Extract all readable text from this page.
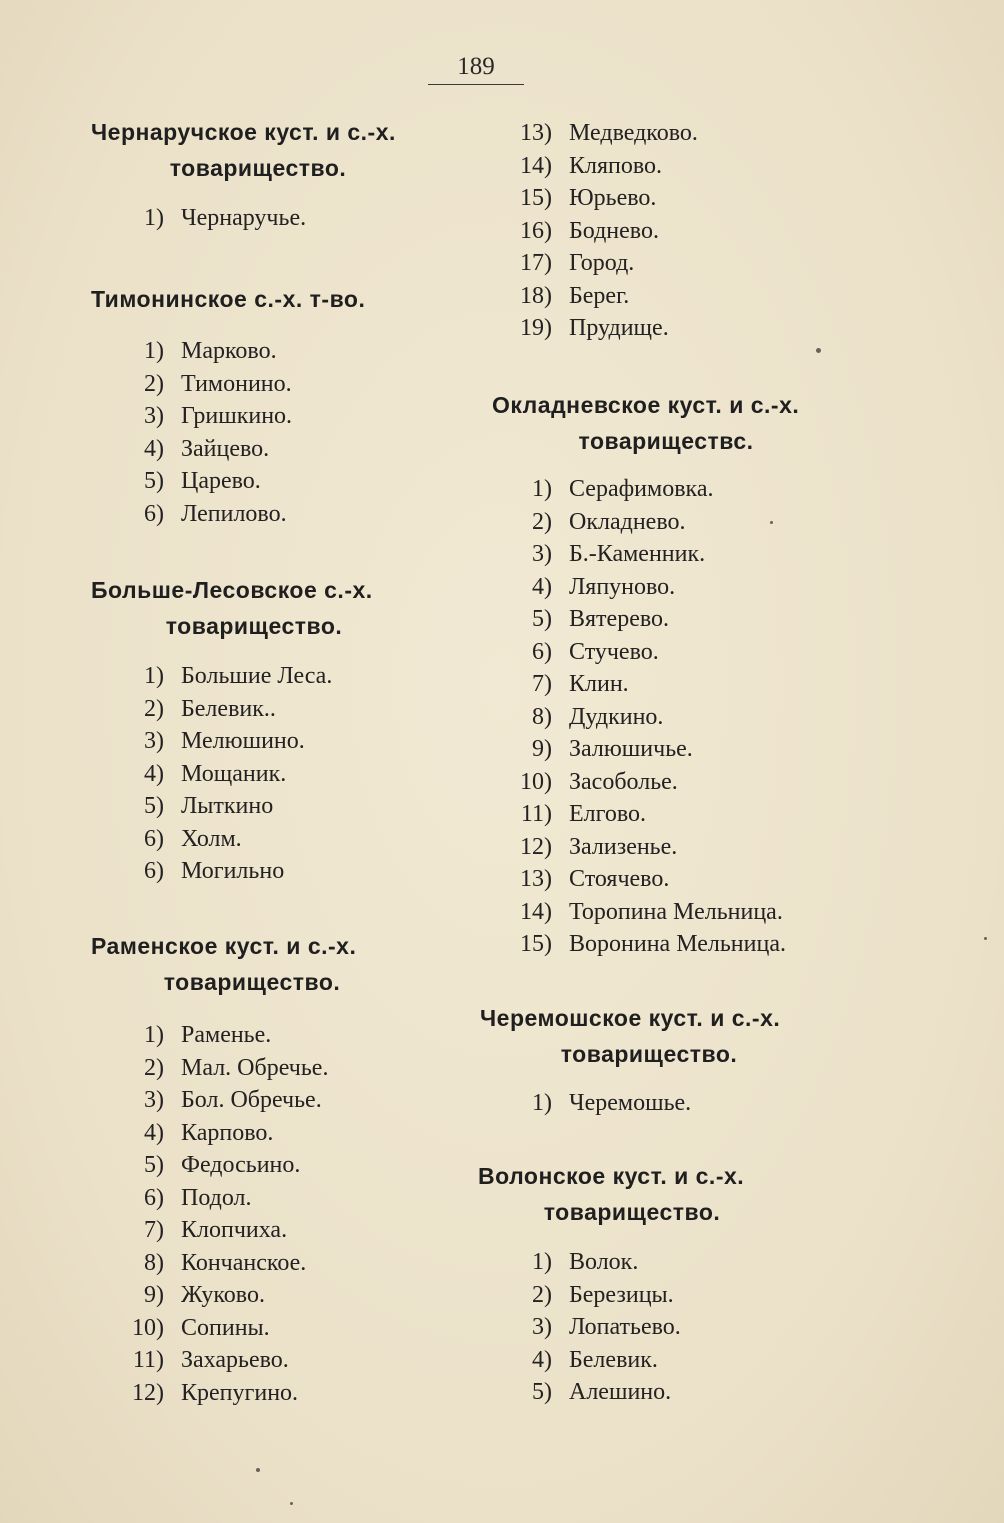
189
Чернаручское куст. и с.-х.
товарищество.
1) Чернаручье.
Тимонинское с.-х. т-во.
1) Марково.
2) Тимонино.
3) Гришкино.
4) Зайцево.
5) Царево.
6) Лепилово.
Больше-Лесовское с.-х.
товарищество.
1) Большие Леса.
2) Белевик..
3) Мелюшино.
4) Мощаник.
5) Лыткино
6) Холм.
6) Могильно
Раменское куст. и с.-х.
товарищество.
1) Раменье.
2) Мал. Обречье.
3) Бол. Обречье.
4) Карпово.
5) Федосьино.
6) Подол.
7) Клопчиха.
8) Кончанское.
9) Жуково.
10) Сопины.
11) Захарьево.
12) Крепугино.
13) Медведково.
14) Кляпово.
15) Юрьево.
16) Боднево.
17) Город.
18) Берег.
19) Прудище.
Окладневское куст. и с.-х.
товариществс.
1) Серафимовка.
2) Окладнево.
3) Б.-Каменник.
4) Ляпуново.
5) Вятерево.
6) Стучево.
7) Клин.
8) Дудкино.
9) Залюшичье.
10) Засоболье.
11) Елгово.
12) Зализенье.
13) Стоячево.
14) Торопина Мельница.
15) Воронина Мельница.
Черемошское куст. и с.-х.
товарищество.
1) Черемошье.
Волонское куст. и с.-х.
товарищество.
1) Волок.
2) Березицы.
3) Лопатьево.
4) Белевик.
5) Алешино.
